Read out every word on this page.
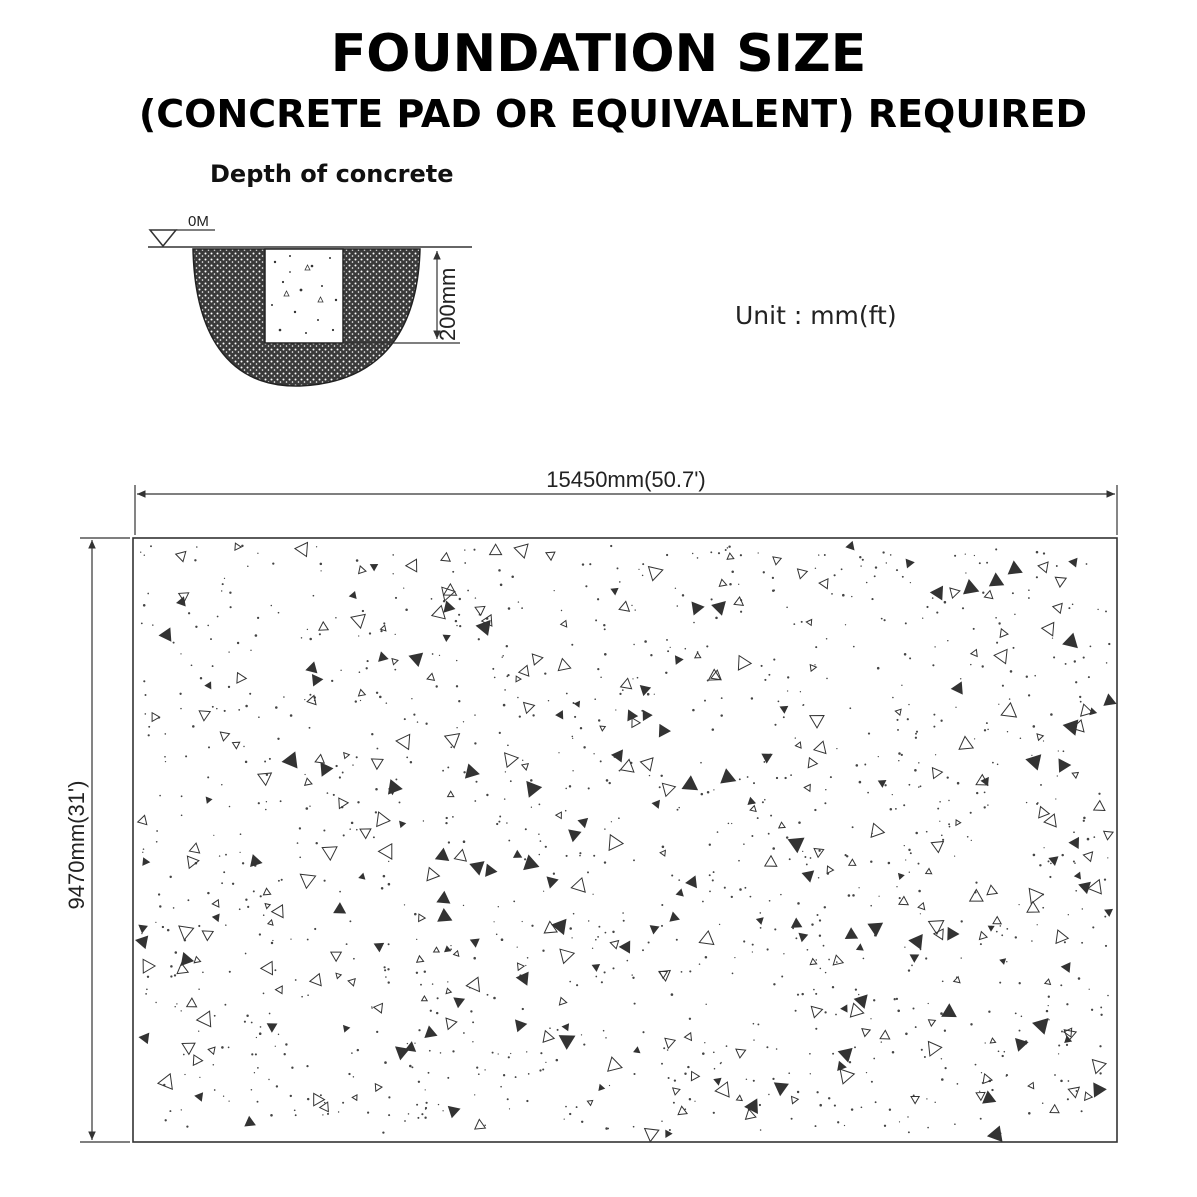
FOUNDATION SIZE
(CONCRETE PAD OR EQUIVALENT) REQUIRED
Depth of concrete
Unit : mm(ft)
0M
200mm
15450mm(50.7')
9470mm(31')
